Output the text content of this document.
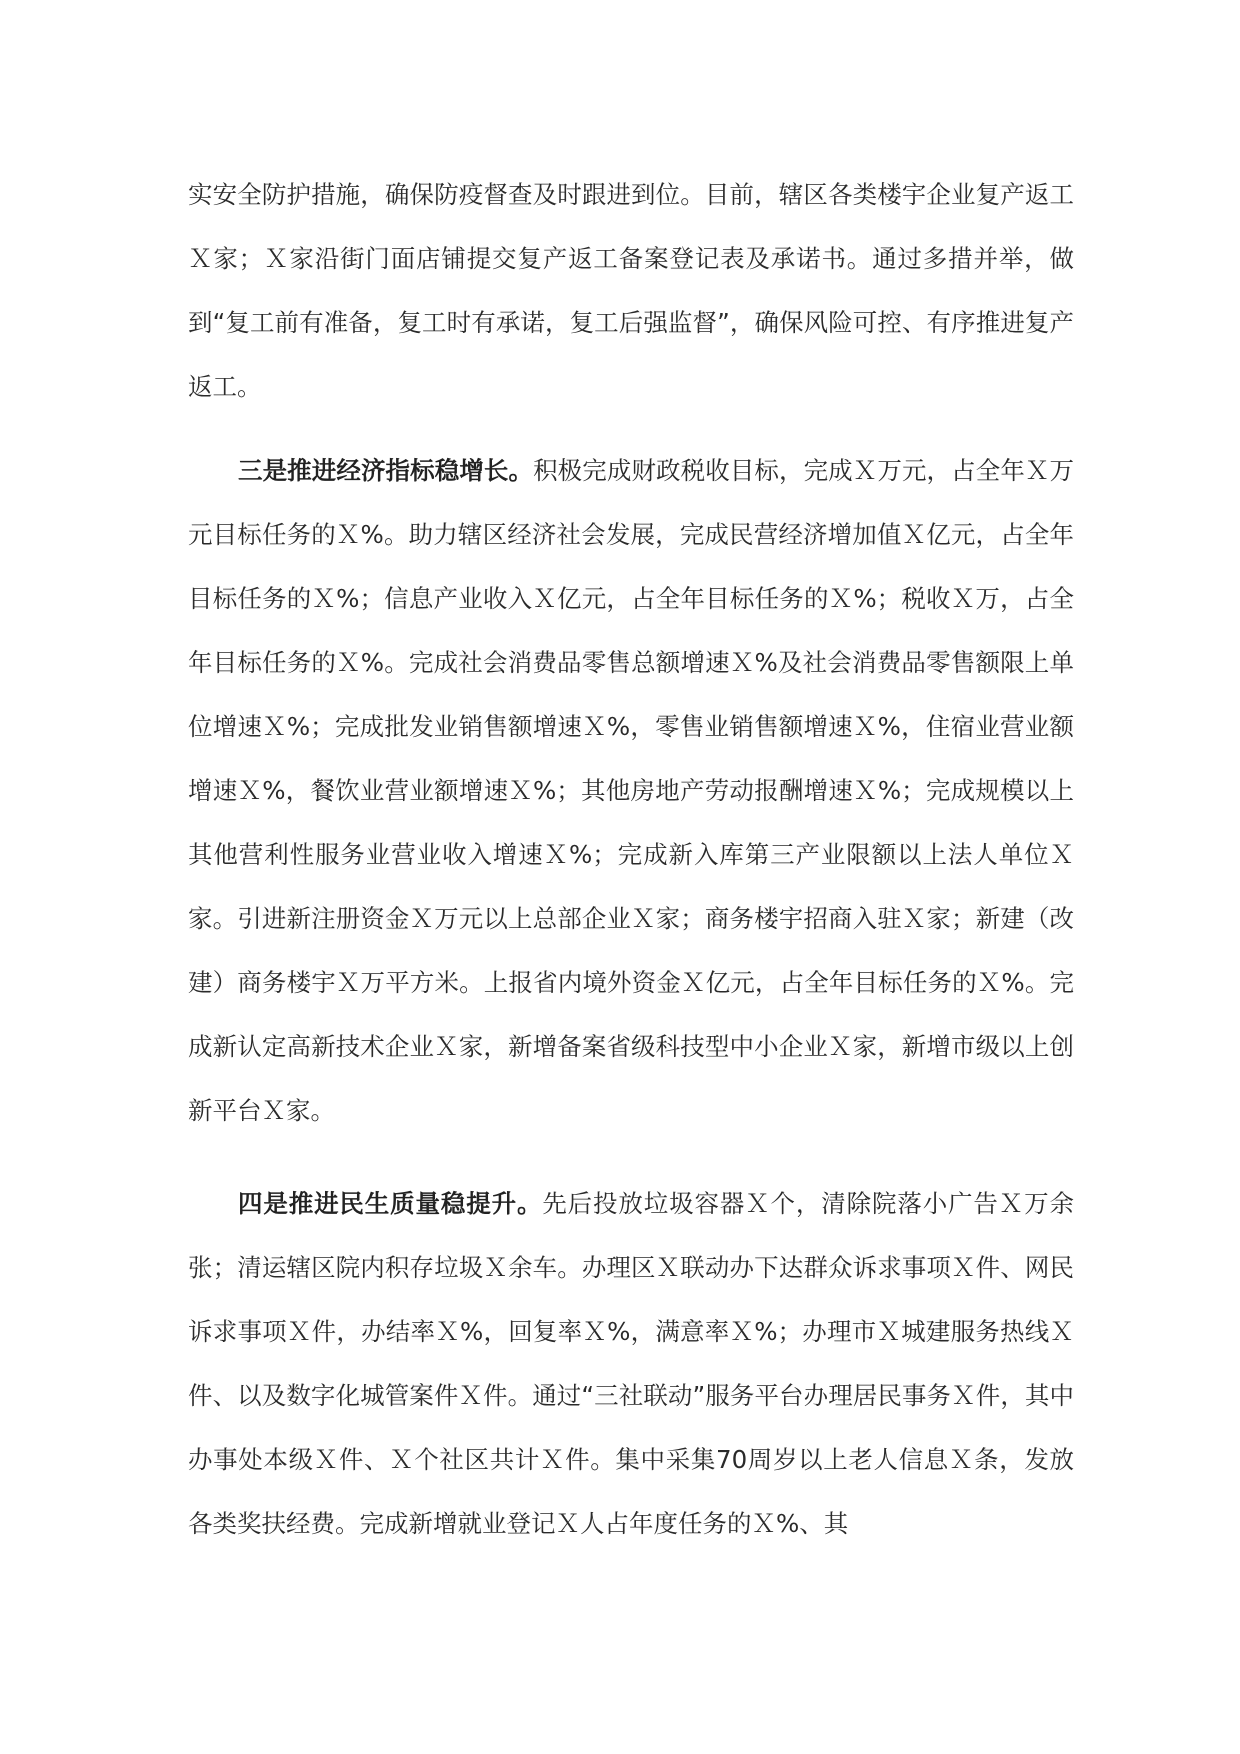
实安全防护措施，确保防疫督查及时跟进到位。目前，辖区各类楼宇企业复产返工Ｘ家；Ｘ家沿街门面店铺提交复产返工备案登记表及承诺书。通过多措并举，做到“复工前有准备，复工时有承诺，复工后强监督”，确保风险可控、有序推进复产返工。

三是推进经济指标稳增长。积极完成财政税收目标，完成Ｘ万元，占全年Ｘ万元目标任务的Ｘ%。助力辖区经济社会发展，完成民营经济增加值Ｘ亿元，占全年目标任务的Ｘ%；信息产业收入Ｘ亿元，占全年目标任务的Ｘ%；税收Ｘ万，占全年目标任务的Ｘ%。完成社会消费品零售总额增速Ｘ%及社会消费品零售额限上单位增速Ｘ%；完成批发业销售额增速Ｘ%，零售业销售额增速Ｘ%，住宿业营业额增速Ｘ%，餐饮业营业额增速Ｘ%；其他房地产劳动报酬增速Ｘ%；完成规模以上其他营利性服务业营业收入增速Ｘ%；完成新入库第三产业限额以上法人单位Ｘ家。引进新注册资金Ｘ万元以上总部企业Ｘ家；商务楼宇招商入驻Ｘ家；新建（改建）商务楼宇Ｘ万平方米。上报省内境外资金Ｘ亿元，占全年目标任务的Ｘ%。完成新认定高新技术企业Ｘ家，新增备案省级科技型中小企业Ｘ家，新增市级以上创新平台Ｘ家。

四是推进民生质量稳提升。先后投放垃圾容器Ｘ个，清除院落小广告Ｘ万余张；清运辖区院内积存垃圾Ｘ余车。办理区Ｘ联动办下达群众诉求事项Ｘ件、网民诉求事项Ｘ件，办结率Ｘ%，回复率Ｘ%，满意率Ｘ%；办理市Ｘ城建服务热线Ｘ件、以及数字化城管案件Ｘ件。通过“三社联动”服务平台办理居民事务Ｘ件，其中办事处本级Ｘ件、Ｘ个社区共计Ｘ件。集中采集70周岁以上老人信息Ｘ条，发放各类奖扶经费。完成新增就业登记Ｘ人占年度任务的Ｘ%、其
